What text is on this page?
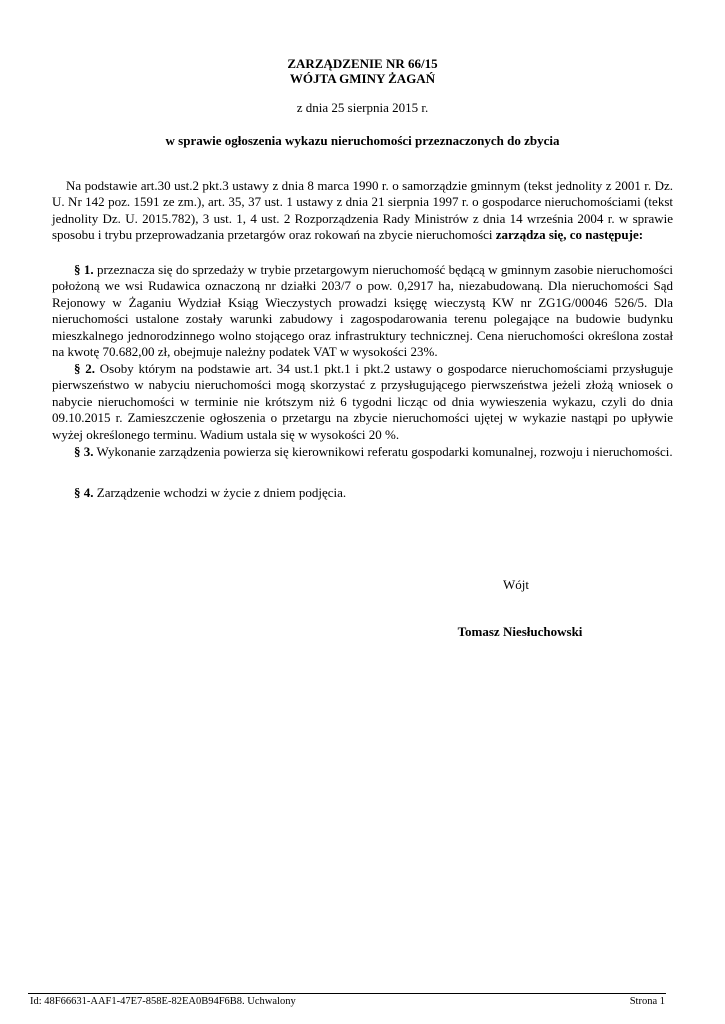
ZARZĄDZENIE NR 66/15
WÓJTA GMINY ŻAGAŃ
z dnia 25 sierpnia 2015 r.
w sprawie ogłoszenia wykazu nieruchomości przeznaczonych do zbycia

Na podstawie art.30 ust.2 pkt.3 ustawy z dnia 8 marca 1990 r. o samorządzie gminnym (tekst jednolity z 2001 r. Dz. U. Nr 142 poz. 1591 ze zm.), art. 35, 37 ust. 1 ustawy z dnia 21 sierpnia 1997 r. o gospodarce nieruchomościami (tekst jednolity Dz. U. 2015.782), 3 ust. 1, 4 ust. 2 Rozporządzenia Rady Ministrów z dnia 14 września 2004 r. w sprawie sposobu i trybu przeprowadzania przetargów oraz rokowań na zbycie nieruchomości zarządza się, co następuje:

§ 1. przeznacza się do sprzedaży w trybie przetargowym nieruchomość będącą w gminnym zasobie nieruchomości położoną we wsi Rudawica oznaczoną nr działki 203/7 o pow. 0,2917 ha, niezabudowaną. Dla nieruchomości Sąd Rejonowy w Żaganiu Wydział Ksiąg Wieczystych prowadzi księgę wieczystą KW nr ZG1G/00046 526/5. Dla nieruchomości ustalone zostały warunki zabudowy i zagospodarowania terenu polegające na budowie budynku mieszkalnego jednorodzinnego wolno stojącego oraz infrastruktury technicznej. Cena nieruchomości określona został na kwotę 70.682,00 zł, obejmuje należny podatek VAT w wysokości 23%.

§ 2. Osoby którym na podstawie art. 34 ust.1 pkt.1 i pkt.2 ustawy o gospodarce nieruchomościami przysługuje pierwszeństwo w nabyciu nieruchomości mogą skorzystać z przysługującego pierwszeństwa jeżeli złożą wniosek o nabycie nieruchomości w terminie nie krótszym niż 6 tygodni licząc od dnia wywieszenia wykazu, czyli do dnia 09.10.2015 r. Zamieszczenie ogłoszenia o przetargu na zbycie nieruchomości ujętej w wykazie nastąpi po upływie wyżej określonego terminu. Wadium ustala się w wysokości 20 %.

§ 3. Wykonanie zarządzenia powierza się kierownikowi referatu gospodarki komunalnej, rozwoju i nieruchomości.

§ 4. Zarządzenie wchodzi w życie z dniem podjęcia.

Wójt
Tomasz Niesłuchowski
Id: 48F66631-AAF1-47E7-858E-82EA0B94F6B8. Uchwalony	Strona 1
